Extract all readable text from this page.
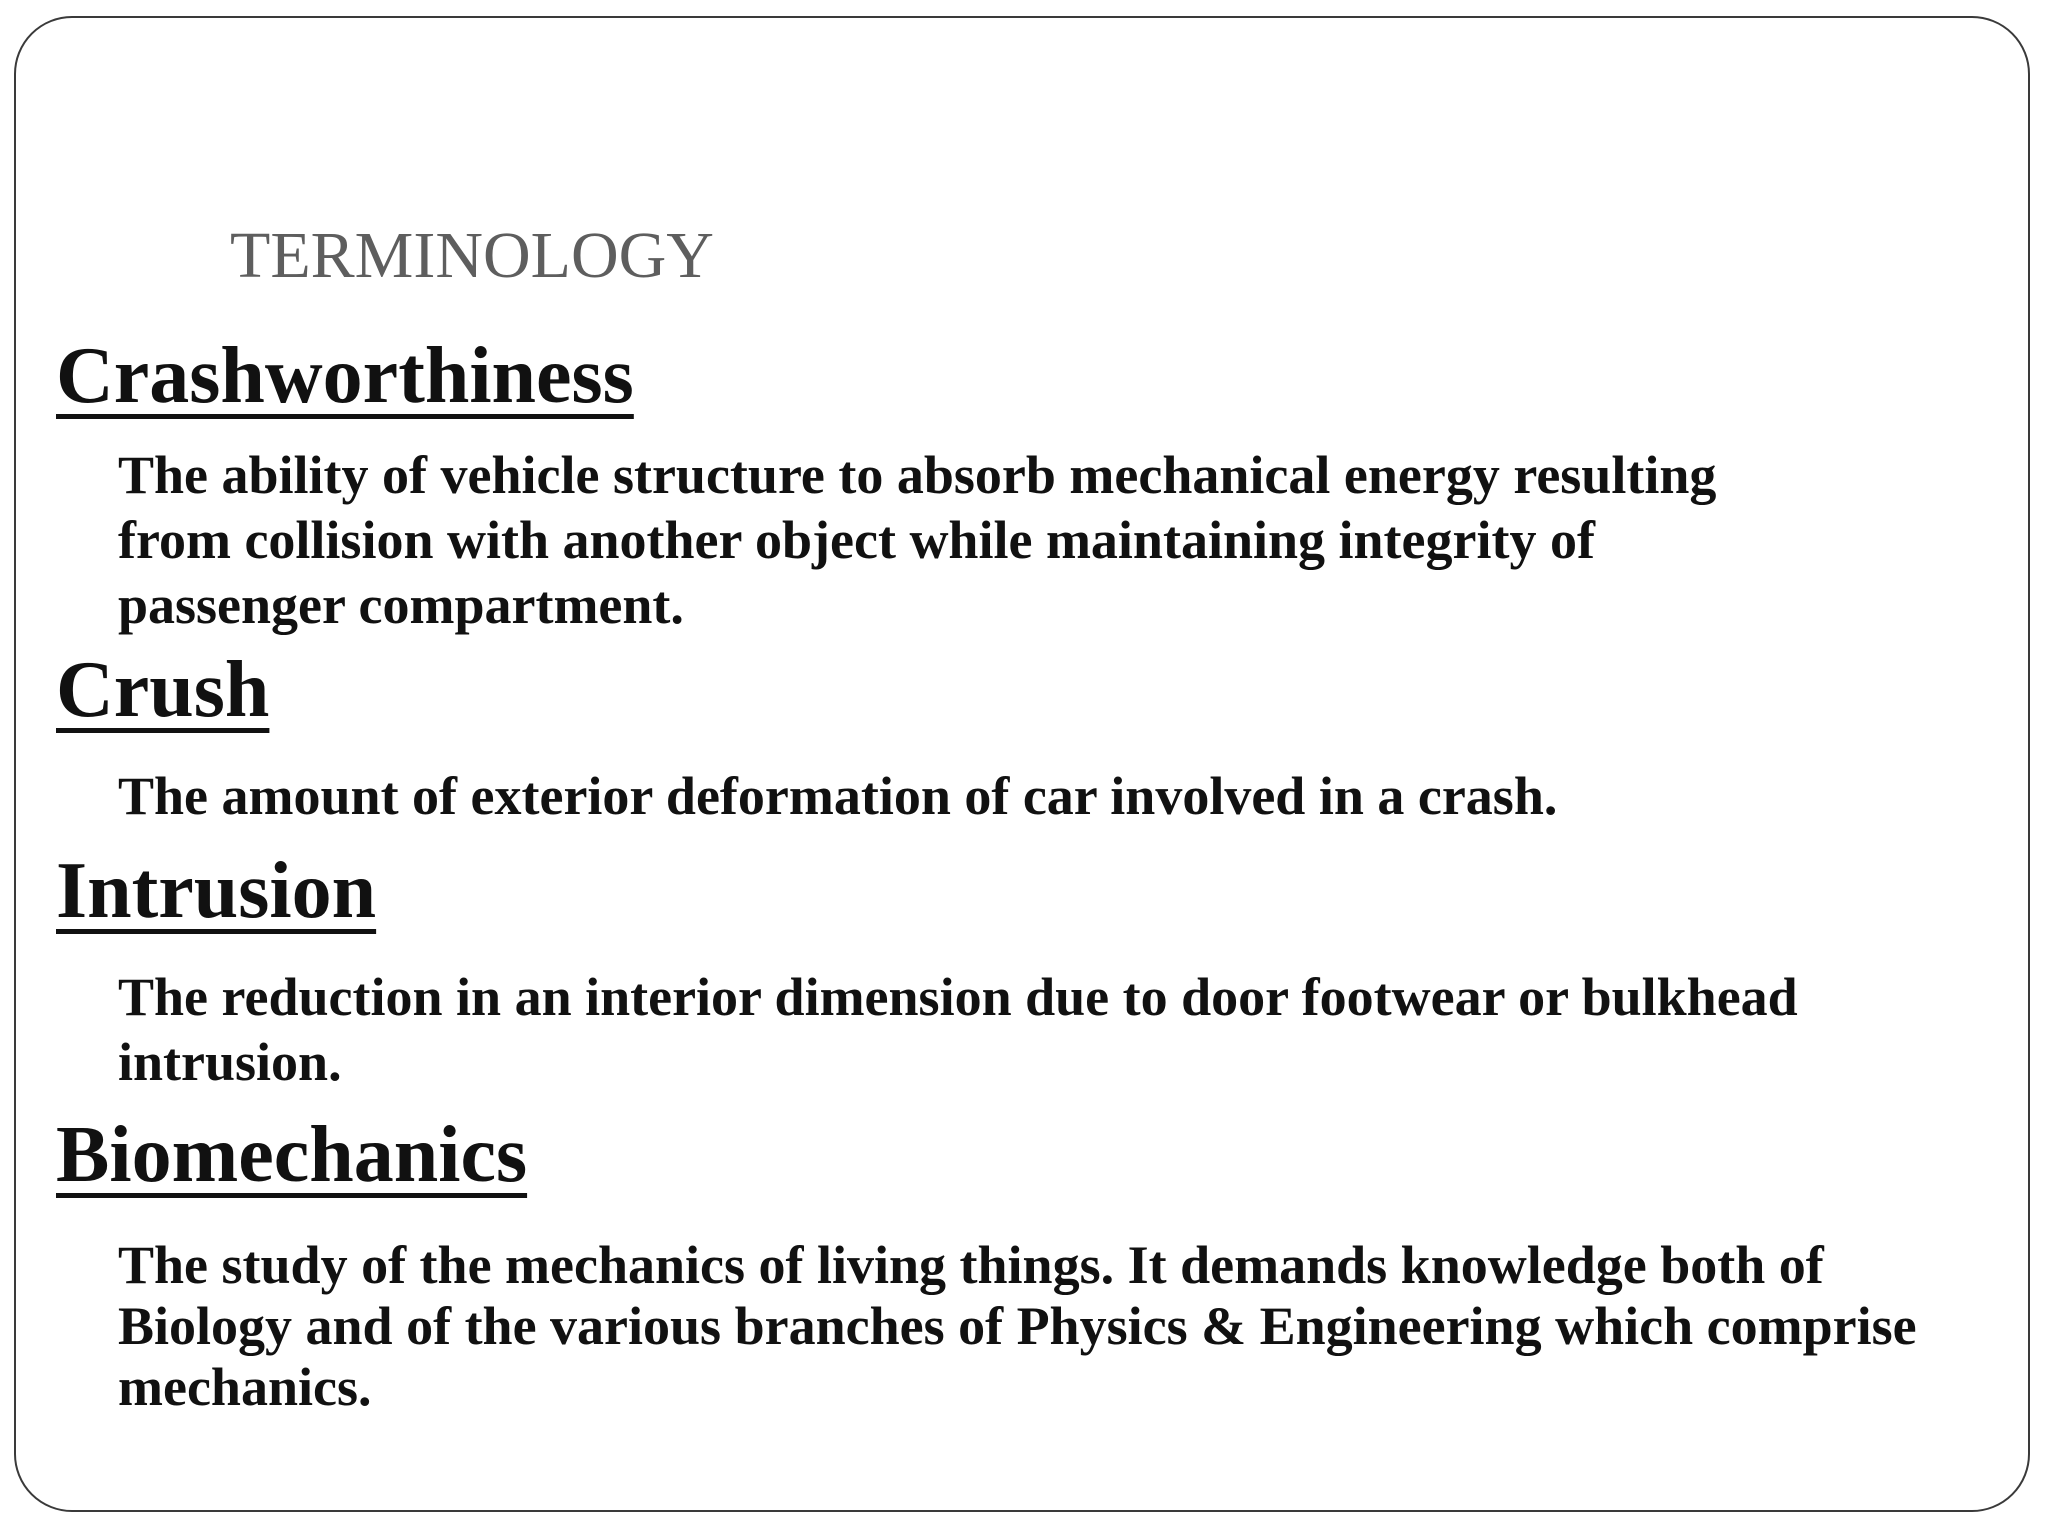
TERMINOLOGY
Crashworthiness

The ability of vehicle structure to absorb mechanical energy resulting
from collision with another object while maintaining integrity of
passenger compartment.

Crush

The amount of exterior deformation of car involved in a crash.

Intrusion

The reduction in an interior dimension due to door footwear or bulkhead
intrusion.

Biomechanics

The study of the mechanics of living things. It demands knowledge both of
Biology and of the various branches of Physics & Engineering which comprise
mechanics.
